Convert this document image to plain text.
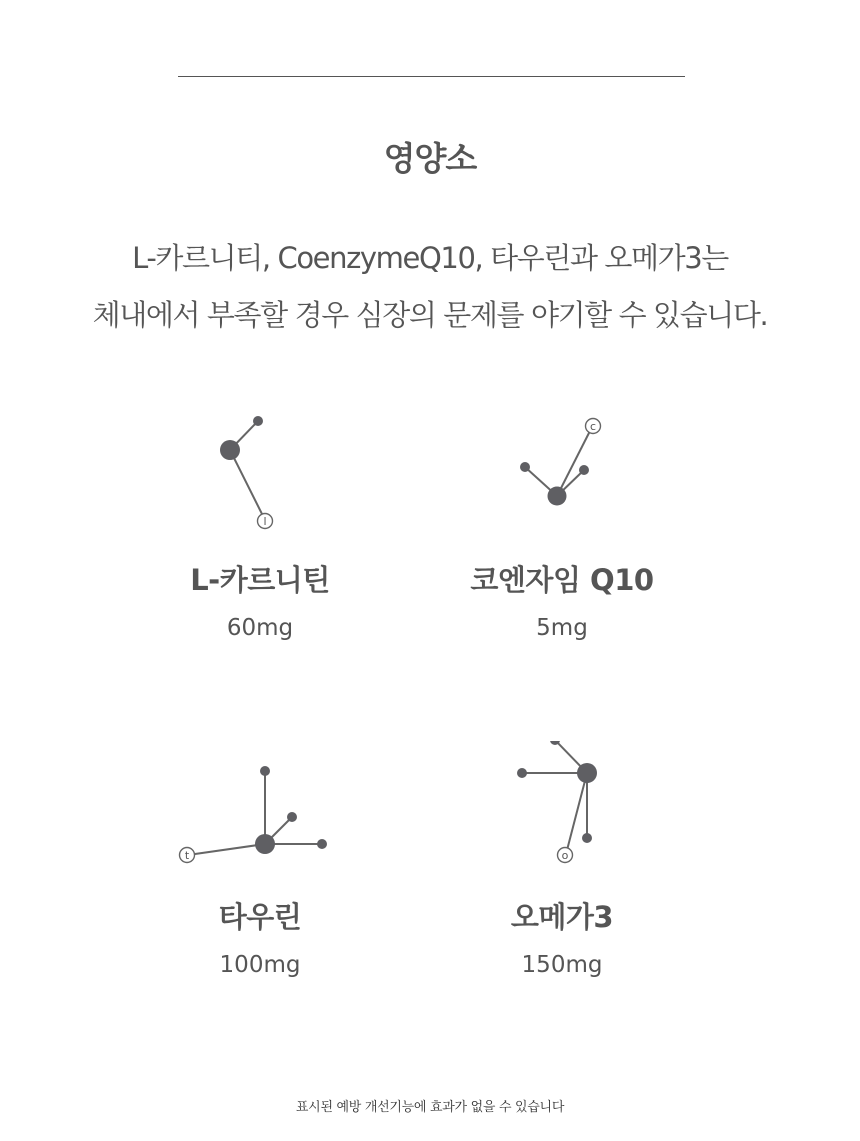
영양소
L-카르니티, CoenzymeQ10, 타우린과 오메가3는
체내에서 부족할 경우 심장의 문제를 야기할 수 있습니다.
l
L-카르니틴
60mg
c
코엔자임 Q10
5mg
t
타우린
100mg
o
오메가3
150mg
표시된 예방 개선기능에 효과가 없을 수 있습니다
